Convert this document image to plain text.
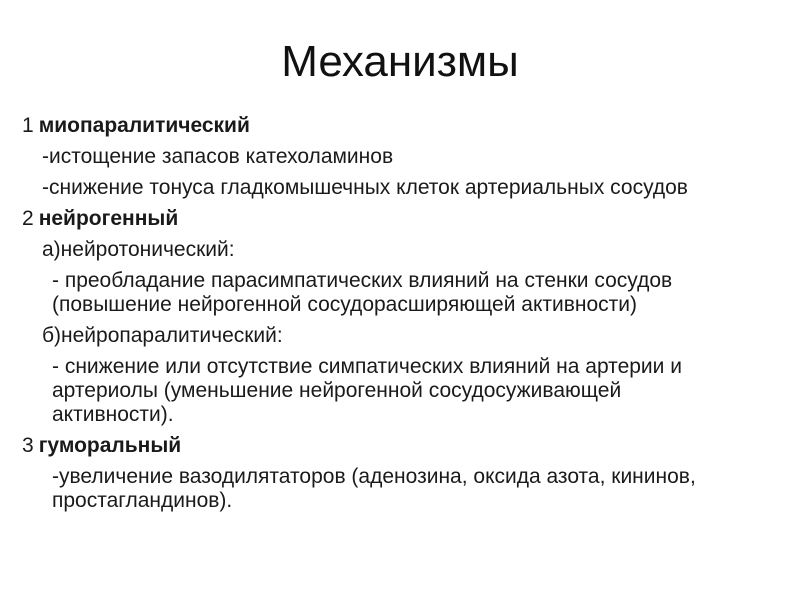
Механизмы

1 миопаралитический

-истощение запасов катехоламинов

-снижение тонуса гладкомышечных клеток артериальных сосудов

2 нейрогенный

а)нейротонический:

- преобладание парасимпатических влияний на стенки сосудов (повышение нейрогенной сосудорасширяющей активности)

б)нейропаралитический:

- снижение или отсутствие симпатических влияний на артерии и артериолы (уменьшение нейрогенной сосудосуживающей активности).

3 гуморальный

-увеличение вазодилятаторов (аденозина, оксида азота, кининов, простагландинов).
